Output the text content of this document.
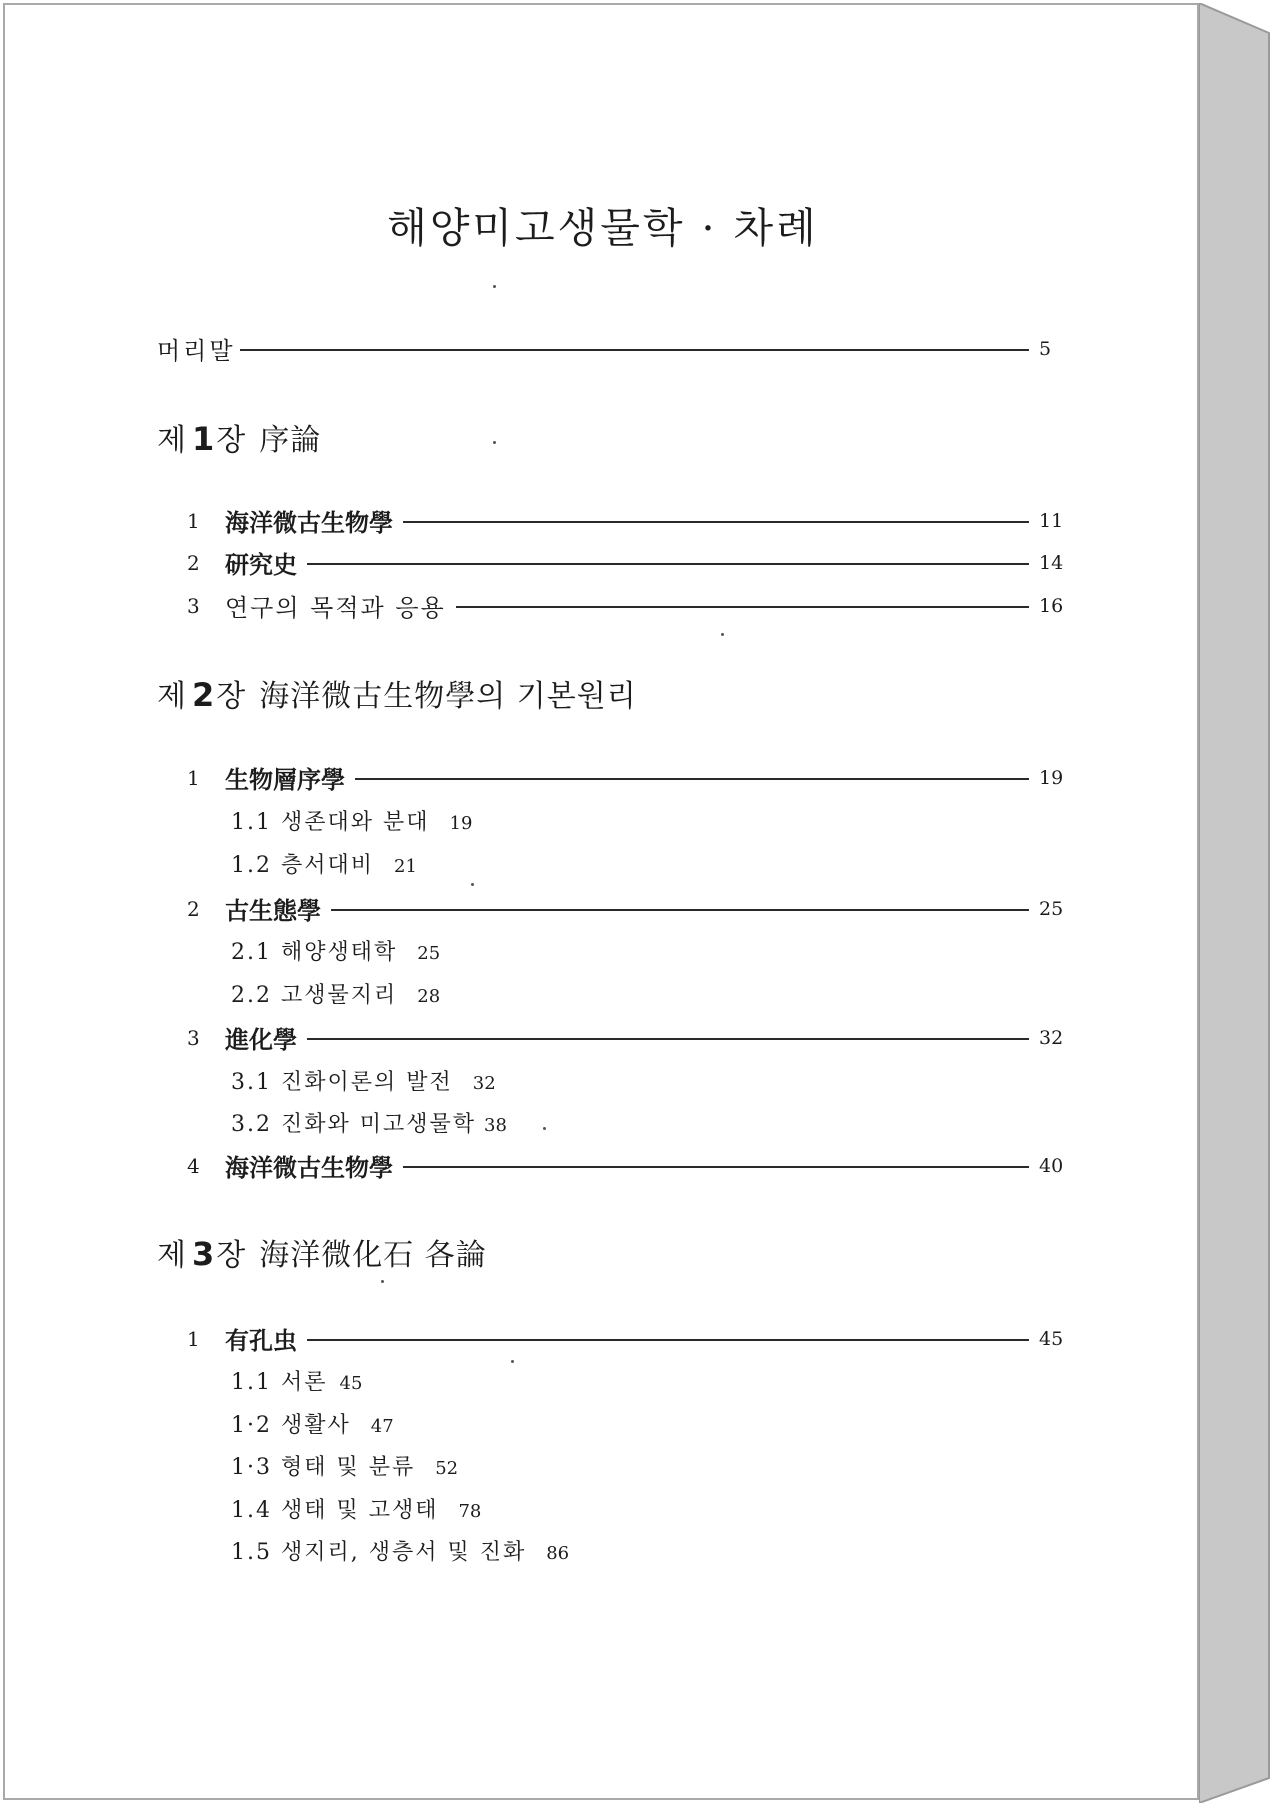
해양미고생물학 · 차례
머리말	5
제 1 장 序論
1	海洋微古生物學	11
2	研究史	14
3	연구의 목적과 응용	16
제 2 장 海洋微古生物學의 기본원리
1	生物層序學	19
1.1 생존대와 분대 19
1.2 층서대비 21
2	古生態學	25
2.1 해양생태학 25
2.2 고생물지리 28
3	進化學	32
3.1 진화이론의 발전 32
3.2 진화와 미고생물학 38
4	海洋微古生物學	40
제 3 장 海洋微化石 各論
1	有孔虫	45
1.1 서론 45
1·2 생활사 47
1·3 형태 및 분류 52
1.4 생태 및 고생태 78
1.5 생지리, 생층서 및 진화 86
